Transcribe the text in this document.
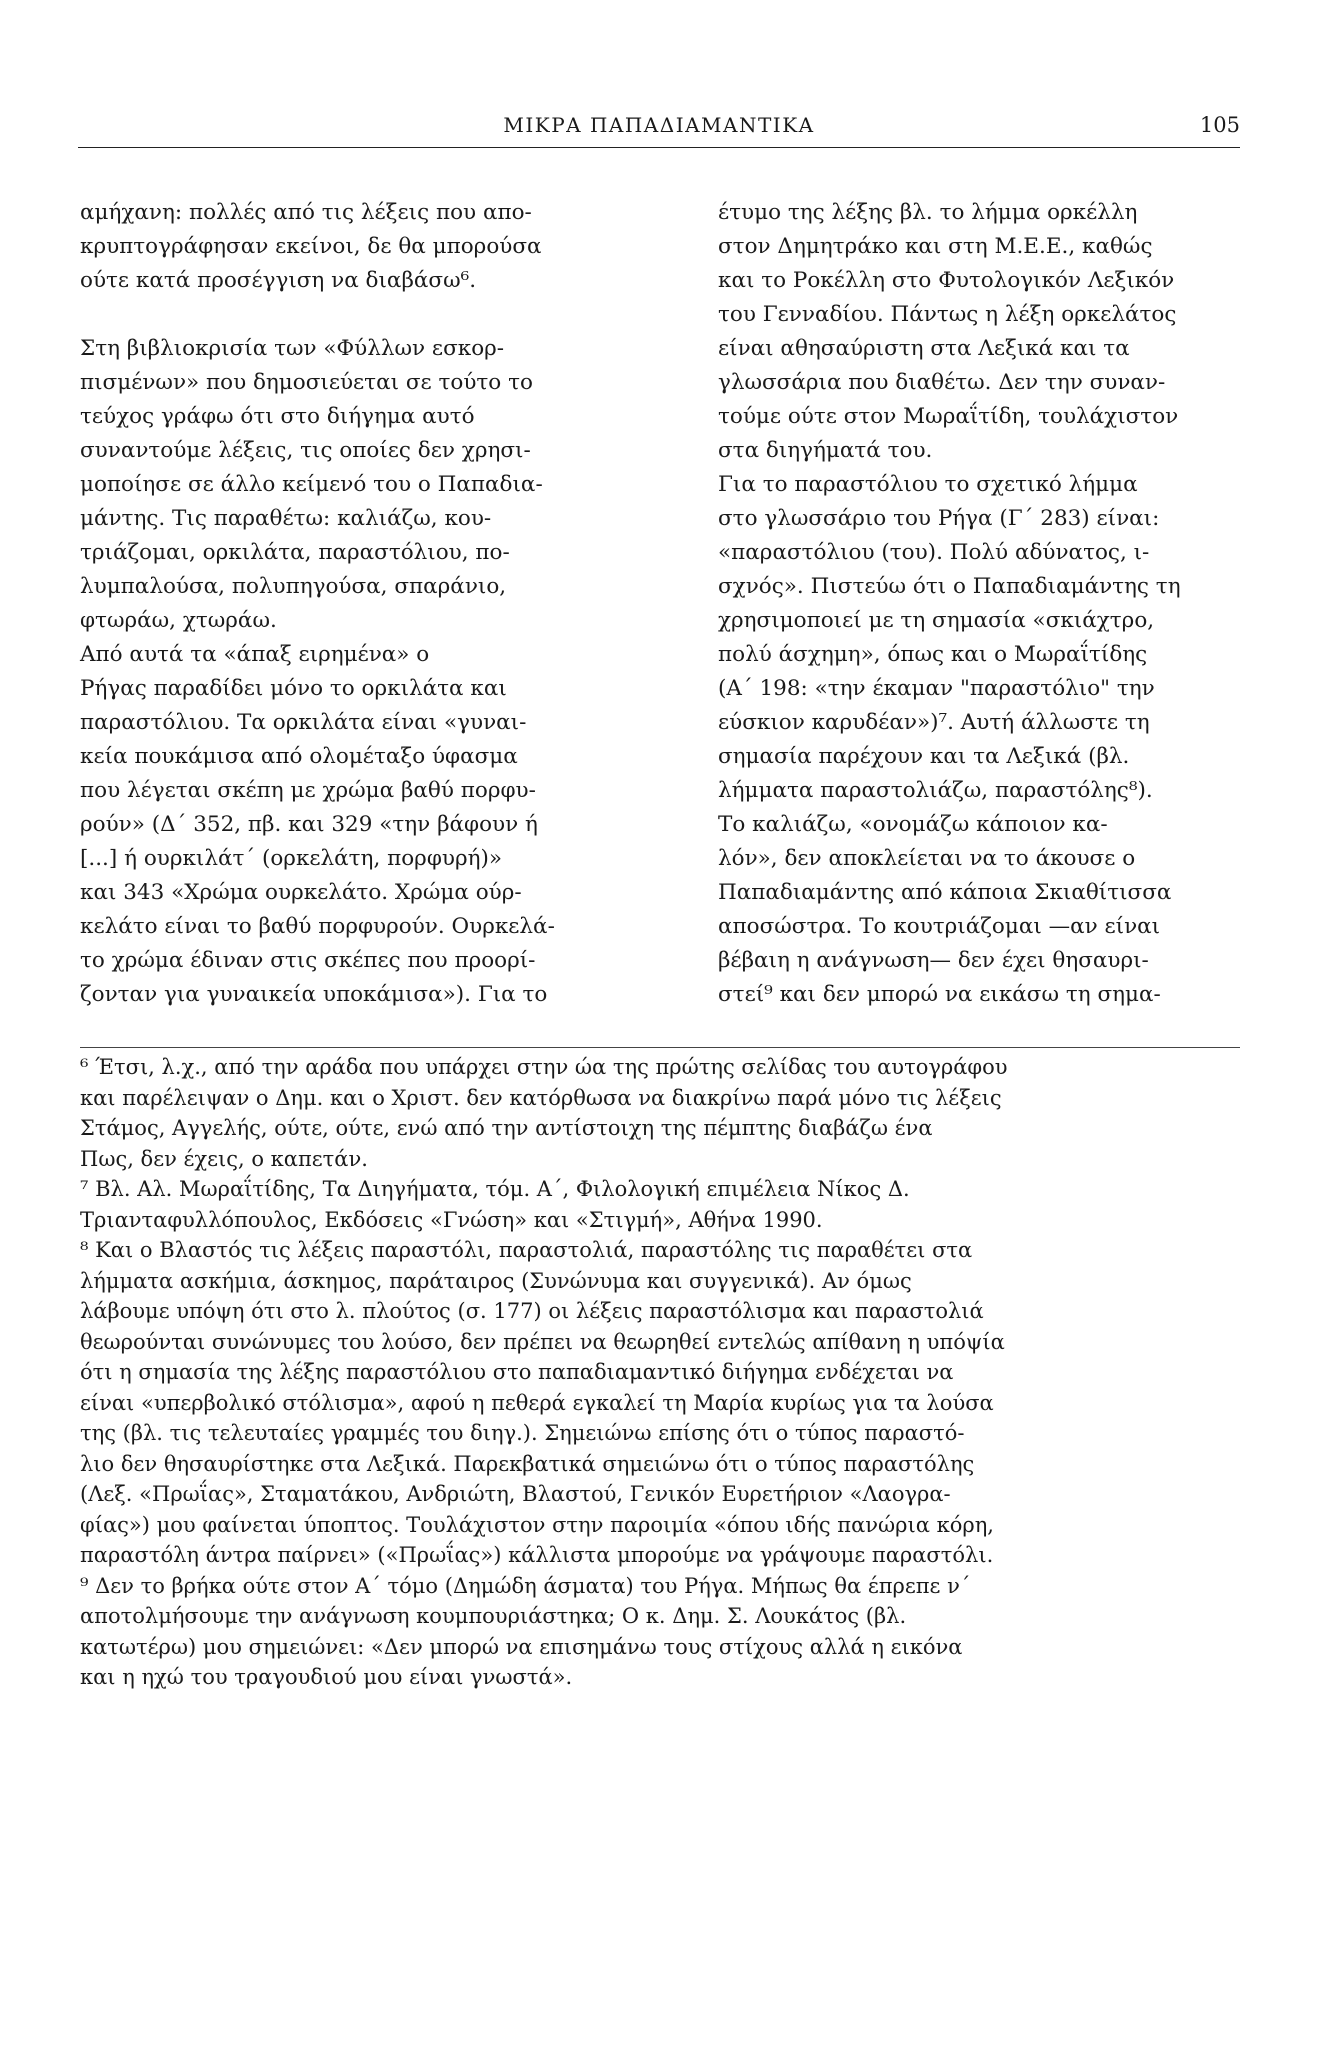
ΜΙΚΡΑ ΠΑΠΑΔΙΑΜΑΝΤΙΚΑ	105
αμήχανη: πολλές από τις λέξεις που απο-
κρυπτογράφησαν εκείνοι, δε θα μπορούσα
ούτε κατά προσέγγιση να διαβάσω⁶.
Στη βιβλιοκρισία των «Φύλλων εσκορ-
πισμένων» που δημοσιεύεται σε τούτο το
τεύχος γράφω ότι στο διήγημα αυτό
συναντούμε λέξεις, τις οποίες δεν χρησι-
μοποίησε σε άλλο κείμενό του ο Παπαδια-
μάντης. Τις παραθέτω: καλιάζω, κου-
τριάζομαι, ορκιλάτα, παραστόλιου, πο-
λυμπαλούσα, πολυπηγούσα, σπαράνιο,
φτωράω, χτωράω.
Από αυτά τα «άπαξ ειρημένα» ο
Ρήγας παραδίδει μόνο το ορκιλάτα και
παραστόλιου. Τα ορκιλάτα είναι «γυναι-
κεία πουκάμισα από ολομέταξο ύφασμα
που λέγεται σκέπη με χρώμα βαθύ πορφυ-
ρούν» (Δ΄ 352, πβ. και 329 «την βάφουν ή
[...] ή ουρκιλάτ΄ (ορκελάτη, πορφυρή)»
και 343 «Χρώμα ουρκελάτο. Χρώμα ούρ-
κελάτο είναι το βαθύ πορφυρούν. Ουρκελά-
το χρώμα έδιναν στις σκέπες που προορί-
ζονταν για γυναικεία υποκάμισα»). Για το
έτυμο της λέξης βλ. το λήμμα ορκέλλη
στον Δημητράκο και στη Μ.Ε.Ε., καθώς
και το Ροκέλλη στο Φυτολογικόν Λεξικόν
του Γενναδίου. Πάντως η λέξη ορκελάτος
είναι αθησαύριστη στα Λεξικά και τα
γλωσσάρια που διαθέτω. Δεν την συναν-
τούμε ούτε στον Μωραΐτίδη, τουλάχιστον
στα διηγήματά του.
Για το παραστόλιου το σχετικό λήμμα
στο γλωσσάριο του Ρήγα (Γ΄ 283) είναι:
«παραστόλιου (του). Πολύ αδύνατος, ι-
σχνός». Πιστεύω ότι ο Παπαδιαμάντης τη
χρησιμοποιεί με τη σημασία «σκιάχτρο,
πολύ άσχημη», όπως και ο Μωραΐτίδης
(Α΄ 198: «την έκαμαν "παραστόλιο" την
εύσκιον καρυδέαν»)⁷. Αυτή άλλωστε τη
σημασία παρέχουν και τα Λεξικά (βλ.
λήμματα παραστολιάζω, παραστόλης⁸).
Το καλιάζω, «ονομάζω κάποιον κα-
λόν», δεν αποκλείεται να το άκουσε ο
Παπαδιαμάντης από κάποια Σκιαθίτισσα
αποσώστρα. Το κουτριάζομαι —αν είναι
βέβαιη η ανάγνωση— δεν έχει θησαυρι-
στεί⁹ και δεν μπορώ να εικάσω τη σημα-
⁶ Έτσι, λ.χ., από την αράδα που υπάρχει στην ώα της πρώτης σελίδας του αυτογράφου
και παρέλειψαν ο Δημ. και ο Χριστ. δεν κατόρθωσα να διακρίνω παρά μόνο τις λέξεις
Στάμος, Αγγελής, ούτε, ούτε, ενώ από την αντίστοιχη της πέμπτης διαβάζω ένα
Πως, δεν έχεις, ο καπετάν.
⁷ Βλ. Αλ. Μωραΐτίδης, Τα Διηγήματα, τόμ. Α΄, Φιλολογική επιμέλεια Νίκος Δ.
Τριανταφυλλόπουλος, Εκδόσεις «Γνώση» και «Στιγμή», Αθήνα 1990.
⁸ Και ο Βλαστός τις λέξεις παραστόλι, παραστολιά, παραστόλης τις παραθέτει στα
λήμματα ασκήμια, άσκημος, παράταιρος (Συνώνυμα και συγγενικά). Αν όμως
λάβουμε υπόψη ότι στο λ. πλούτος (σ. 177) οι λέξεις παραστόλισμα και παραστολιά
θεωρούνται συνώνυμες του λούσο, δεν πρέπει να θεωρηθεί εντελώς απίθανη η υπόψία
ότι η σημασία της λέξης παραστόλιου στο παπαδιαμαντικό διήγημα ενδέχεται να
είναι «υπερβολικό στόλισμα», αφού η πεθερά εγκαλεί τη Μαρία κυρίως για τα λούσα
της (βλ. τις τελευταίες γραμμές του διηγ.). Σημειώνω επίσης ότι ο τύπος παραστό-
λιο δεν θησαυρίστηκε στα Λεξικά. Παρεκβατικά σημειώνω ότι ο τύπος παραστόλης
(Λεξ. «Πρωΐας», Σταματάκου, Ανδριώτη, Βλαστού, Γενικόν Ευρετήριον «Λαογρα-
φίας») μου φαίνεται ύποπτος. Τουλάχιστον στην παροιμία «όπου ιδής πανώρια κόρη,
παραστόλη άντρα παίρνει» («Πρωΐας») κάλλιστα μπορούμε να γράψουμε παραστόλι.
⁹ Δεν το βρήκα ούτε στον Α΄ τόμο (Δημώδη άσματα) του Ρήγα. Μήπως θα έπρεπε ν΄
αποτολμήσουμε την ανάγνωση κουμπουριάστηκα; Ο κ. Δημ. Σ. Λουκάτος (βλ.
κατωτέρω) μου σημειώνει: «Δεν μπορώ να επισημάνω τους στίχους αλλά η εικόνα
και η ηχώ του τραγουδιού μου είναι γνωστά».
